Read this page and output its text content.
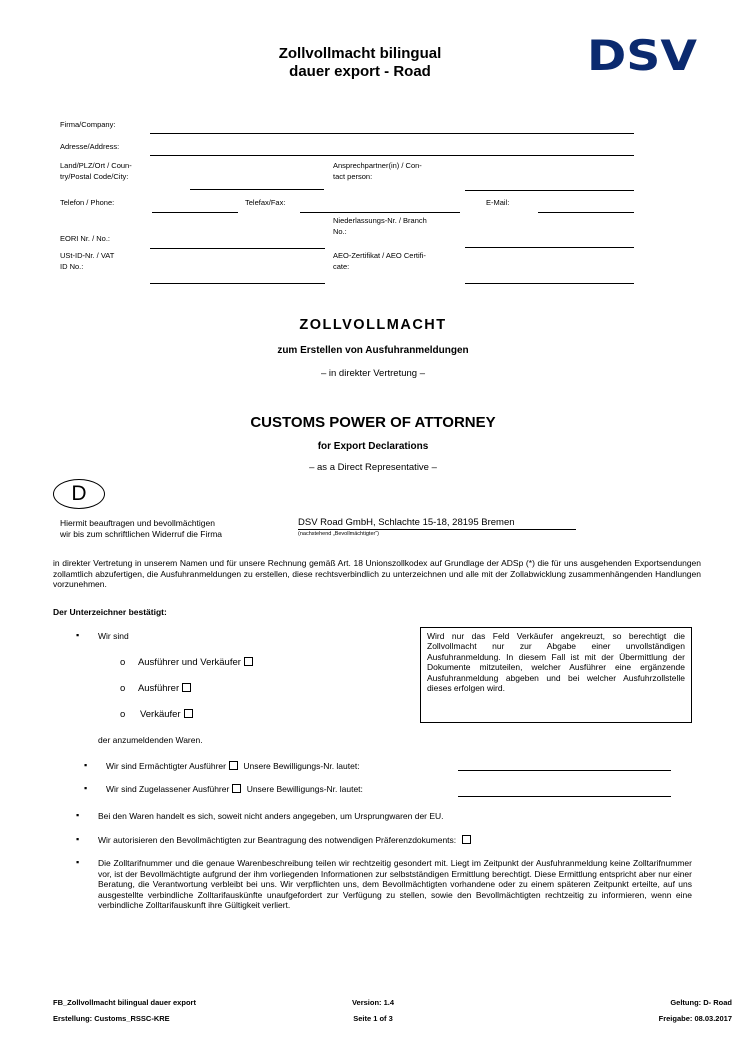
Zollvollmacht bilingual
dauer export - Road	DSV
Firma/Company:
Adresse/Address:
Land/PLZ/Ort / Coun-
try/Postal Code/City:
Ansprechpartner(in) / Con-
tact person:
Telefon / Phone:	Telefax/Fax:	E-Mail:
Niederlassungs-Nr. / Branch
No.:
EORI Nr. / No.:
USt-ID-Nr. / VAT
ID No.:
AEO-Zertifikat / AEO Certifi-
cate:
ZOLLVOLLMACHT
zum Erstellen von Ausfuhranmeldungen
– in direkter Vertretung –
CUSTOMS POWER OF ATTORNEY
for Export Declarations
– as a Direct Representative –
D
Hiermit beauftragen und bevollmächtigen
wir bis zum schriftlichen Widerruf die Firma
DSV Road GmbH, Schlachte 15-18, 28195 Bremen
(nachstehend „Bevollmächtigter“)
in direkter Vertretung in unserem Namen und für unsere Rechnung gemäß Art. 18 Unionszollkodex auf Grundlage der ADSp (*) die für uns ausgehenden Exportsendungen zollamtlich abzufertigen, die Ausfuhranmeldungen zu erstellen, diese rechtsverbindlich zu unterzeichnen und alle mit der Zollabwicklung zusammenhängenden Handlungen vorzunehmen.
Der Unterzeichner bestätigt:
▪ Wir sind
o Ausführer und Verkäufer
o Ausführer
o Verkäufer
der anzumeldenden Waren.
Wird nur das Feld Verkäufer angekreuzt, so berechtigt die Zollvollmacht nur zur Abgabe einer unvollständigen Ausfuhranmeldung. In diesem Fall ist mit der Übermittlung der Dokumente mitzuteilen, welcher Ausführer eine ergänzende Ausfuhranmeldung abgeben und bei welcher Ausfuhrzollstelle dieses erfolgen wird.
▪ Wir sind Ermächtigter Ausführer Unsere Bewilligungs-Nr. lautet:
▪ Wir sind Zugelassener Ausführer Unsere Bewilligungs-Nr. lautet:
▪ Bei den Waren handelt es sich, soweit nicht anders angegeben, um Ursprungwaren der EU.
▪ Wir autorisieren den Bevollmächtigten zur Beantragung des notwendigen Präferenzdokuments:
▪ Die Zolltarifnummer und die genaue Warenbeschreibung teilen wir rechtzeitig gesondert mit. Liegt im Zeitpunkt der Ausfuhranmeldung keine Zolltarifnummer vor, ist der Bevollmächtigte aufgrund der ihm vorliegenden Informationen zur selbstständigen Ermittlung berechtigt. Diese Ermittlung entspricht aber nur einer Beratung, die Verantwortung verbleibt bei uns. Wir verpflichten uns, dem Bevollmächtigten vorhandene oder zu einem späteren Zeitpunkt erteilte, auf uns ausgestellte verbindliche Zolltarifauskünfte unaufgefordert zur Verfügung zu stellen, sowie den Bevollmächtigten rechtzeitig zu informieren, wenn eine verbindliche Zolltarifauskunft ihre Gültigkeit verliert.
FB_Zollvollmacht bilingual dauer export
Erstellung: Customs_RSSC-KRE
Version: 1.4
Seite 1 of 3
Geltung: D- Road
Freigabe: 08.03.2017
